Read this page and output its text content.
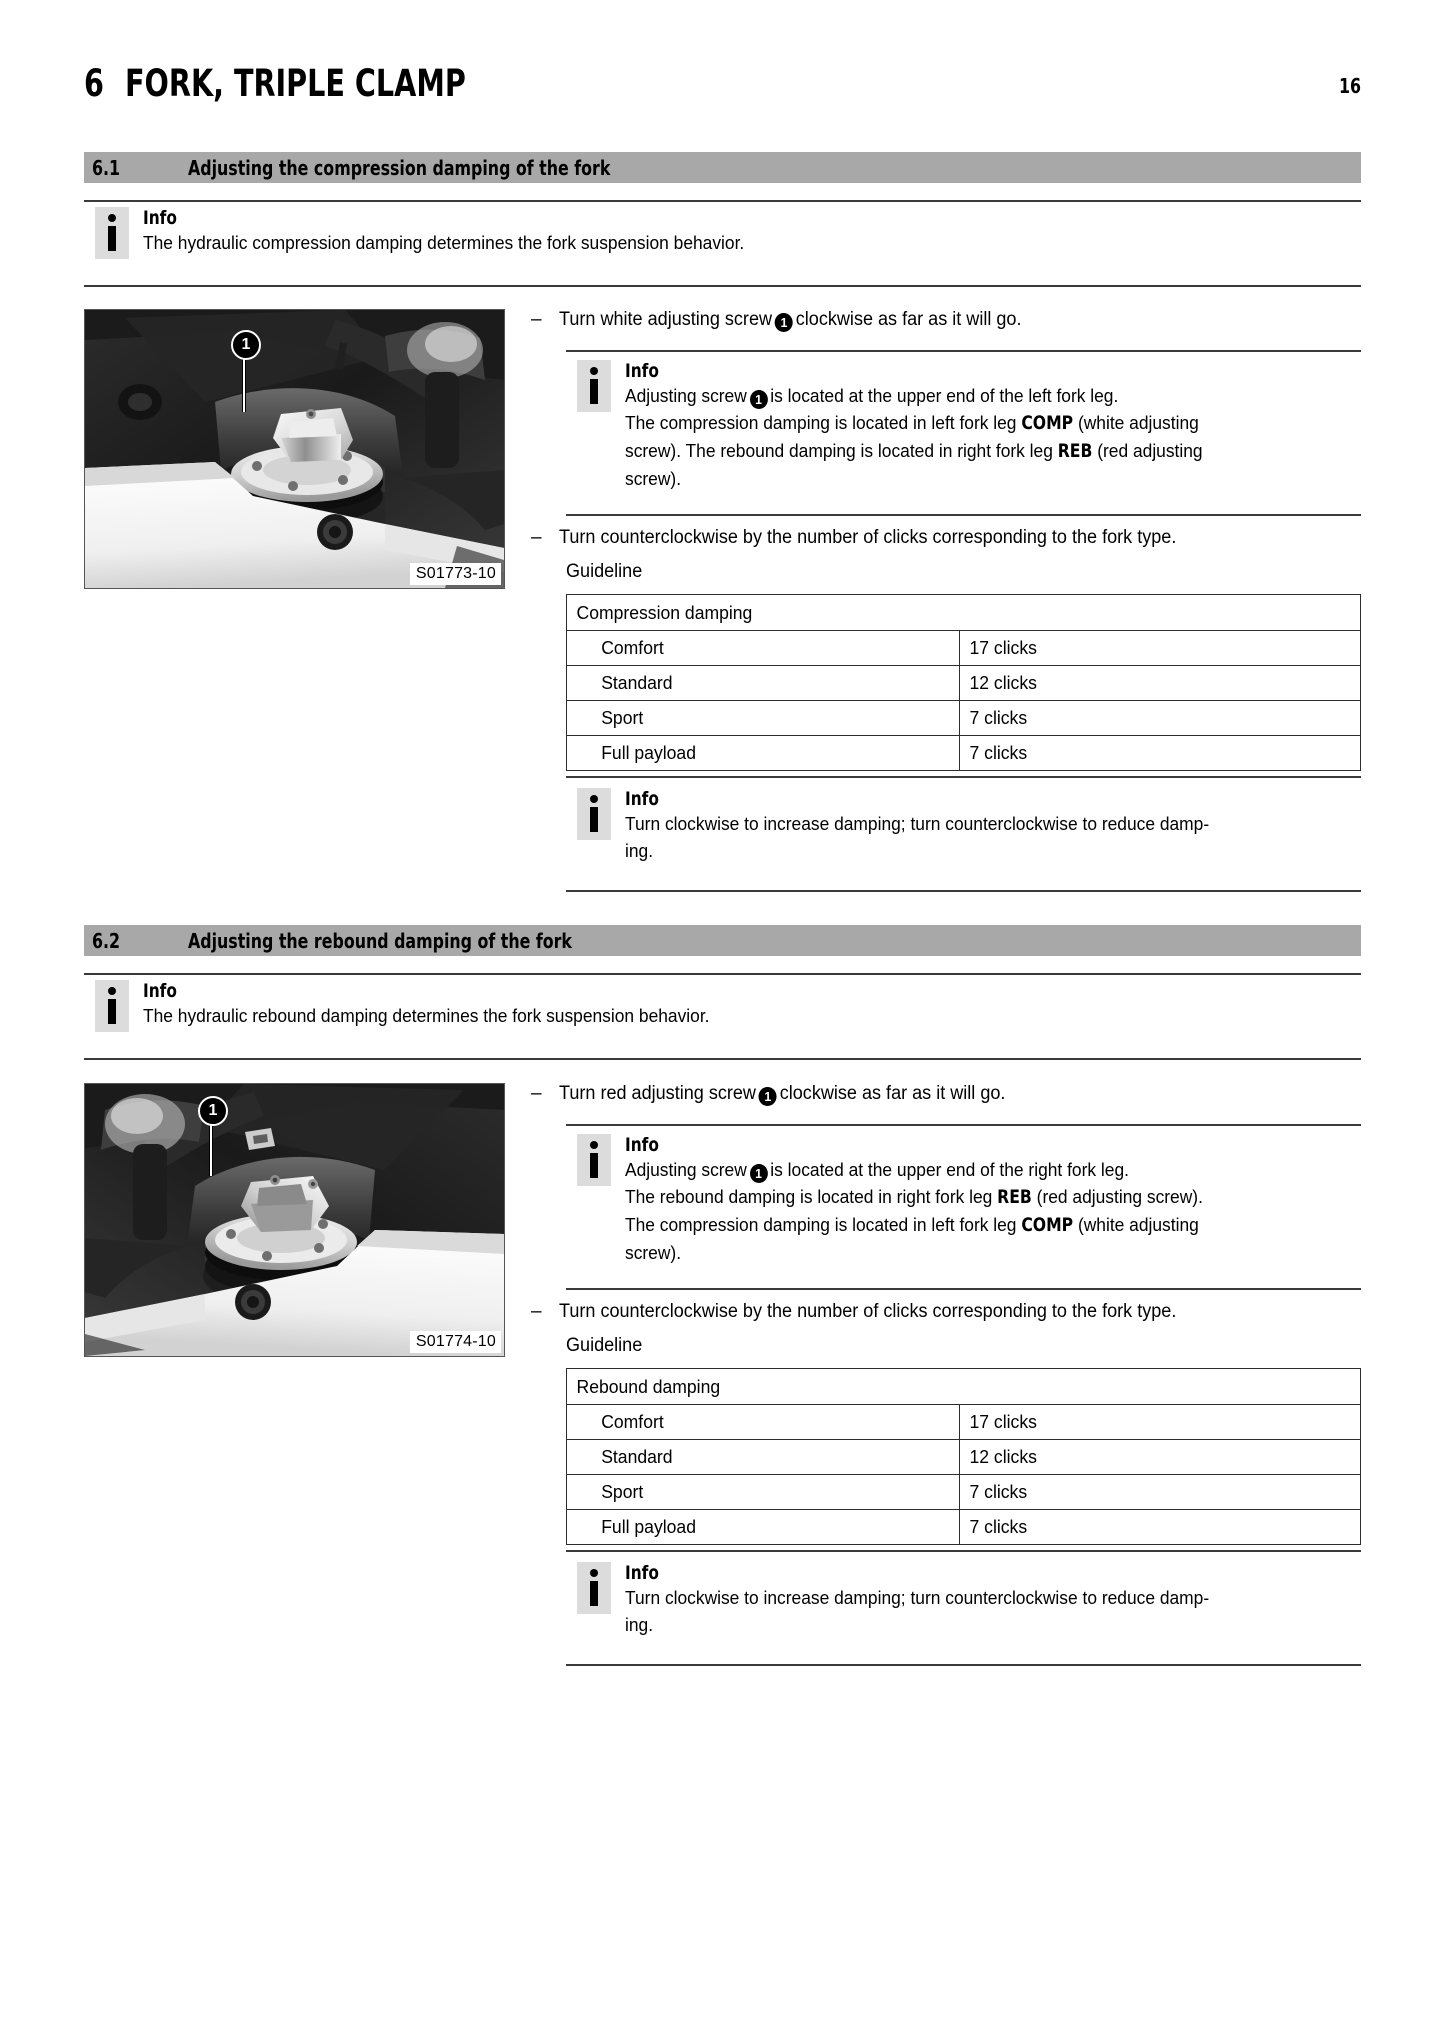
6 FORK, TRIPLE CLAMP	16
6.1	Adjusting the compression damping of the fork
Info
The hydraulic compression damping determines the fork suspension behavior.
1
S01773-10
– Turn white adjusting screw 1 clockwise as far as it will go.
Info
Adjusting screw 1 is located at the upper end of the left fork leg.
The compression damping is located in left fork leg COMP (white adjusting
screw). The rebound damping is located in right fork leg REB (red adjusting
screw).
– Turn counterclockwise by the number of clicks corresponding to the fork type.
Guideline
Compression damping	

Comfort	17 clicks

Standard	12 clicks

Sport	7 clicks

Full payload	7 clicks
Info
Turn clockwise to increase damping; turn counterclockwise to reduce damp-
ing.
6.2	Adjusting the rebound damping of the fork
Info
The hydraulic rebound damping determines the fork suspension behavior.
1
S01774-10
– Turn red adjusting screw 1 clockwise as far as it will go.
Info
Adjusting screw 1 is located at the upper end of the right fork leg.
The rebound damping is located in right fork leg REB (red adjusting screw).
The compression damping is located in left fork leg COMP (white adjusting
screw).
– Turn counterclockwise by the number of clicks corresponding to the fork type.
Guideline
Rebound damping	

Comfort	17 clicks

Standard	12 clicks

Sport	7 clicks

Full payload	7 clicks
Info
Turn clockwise to increase damping; turn counterclockwise to reduce damp-
ing.
